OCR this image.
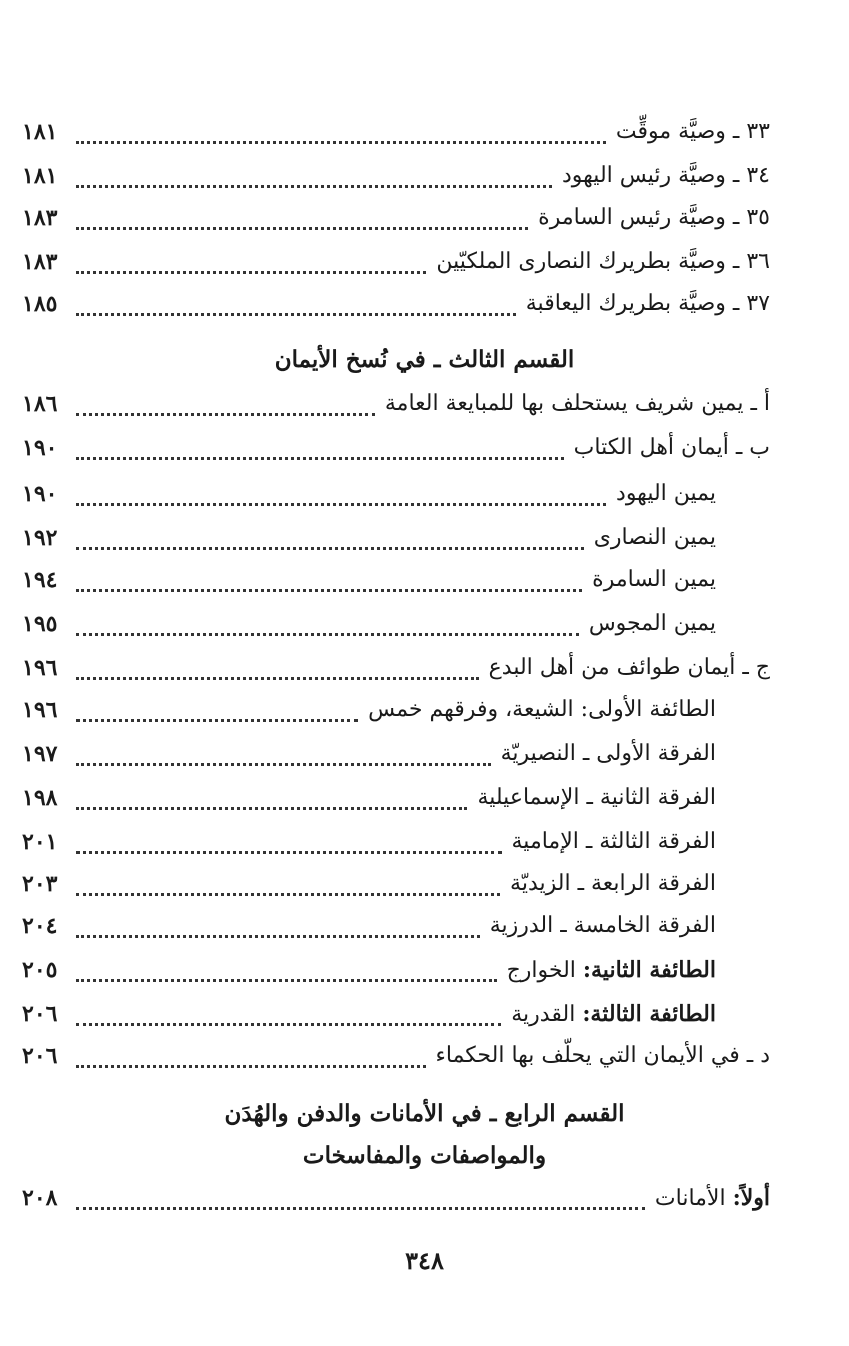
٣٣ ـ وصيَّة موقِّت
١٨١
٣٤ ـ وصيَّة رئيس اليهود
١٨١
٣٥ ـ وصيَّة رئيس السامرة
١٨٣
٣٦ ـ وصيَّة بطريرك النصارى الملكيّين
١٨٣
٣٧ ـ وصيَّة بطريرك اليعاقبة
١٨٥
القسم الثالث ـ في نُسخ الأيمان
أ ـ يمين شريف يستحلف بها للمبايعة العامة
١٨٦
ب ـ أيمان أهل الكتاب
١٩٠
يمين اليهود
١٩٠
يمين النصارى
١٩٢
يمين السامرة
١٩٤
يمين المجوس
١٩٥
ج ـ أيمان طوائف من أهل البدع
١٩٦
الطائفة الأولى: الشيعة، وفرقهم خمس
١٩٦
الفرقة الأولى ـ النصيريّة
١٩٧
الفرقة الثانية ـ الإسماعيلية
١٩٨
الفرقة الثالثة ـ الإمامية
٢٠١
الفرقة الرابعة ـ الزيديّة
٢٠٣
الفرقة الخامسة ـ الدرزية
٢٠٤
الطائفة الثانية: الخوارج
٢٠٥
الطائفة الثالثة: القدرية
٢٠٦
د ـ في الأيمان التي يحلّف بها الحكماء
٢٠٦
القسم الرابع ـ في الأمانات والدفن والهُدَن
والمواصفات والمفاسخات
أولاً: الأمانات
٢٠٨
٣٤٨
